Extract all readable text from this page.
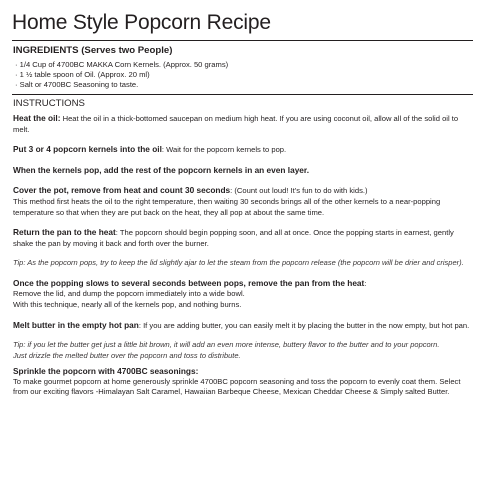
Home Style Popcorn Recipe
INGREDIENTS (Serves two People)
· 1/4 Cup of 4700BC MAKKA Corn Kernels. (Approx. 50 grams)
· 1 ½ table spoon of Oil. (Approx. 20 ml)
· Salt or 4700BC Seasoning to taste.
INSTRUCTIONS

Heat the oil: Heat the oil in a thick-bottomed saucepan on medium high heat. If you are using coconut oil, allow all of the solid oil to melt.

Put 3 or 4 popcorn kernels into the oil: Wait for the popcorn kernels to pop.

When the kernels pop, add the rest of the popcorn kernels in an even layer.

Cover the pot, remove from heat and count 30 seconds: (Count out loud! It's fun to do with kids.)
This method first heats the oil to the right temperature, then waiting 30 seconds brings all of the other kernels to a near-popping temperature so that when they are put back on the heat, they all pop at about the same time.

Return the pan to the heat: The popcorn should begin popping soon, and all at once. Once the popping starts in earnest, gently shake the pan by moving it back and forth over the burner.

Tip: As the popcorn pops, try to keep the lid slightly ajar to let the steam from the popcorn release (the popcorn will be drier and crisper).

Once the popping slows to several seconds between pops, remove the pan from the heat:
Remove the lid, and dump the popcorn immediately into a wide bowl.
With this technique, nearly all of the kernels pop, and nothing burns.

Melt butter in the empty hot pan: If you are adding butter, you can easily melt it by placing the butter in the now empty, but hot pan.

Tip: if you let the butter get just a little bit brown, it will add an even more intense, buttery flavor to the butter and to your popcorn.
Just drizzle the melted butter over the popcorn and toss to distribute.

Sprinkle the popcorn with 4700BC seasonings:
To make gourmet popcorn at home generously sprinkle 4700BC popcorn seasoning and toss the popcorn to evenly coat them. Select from our exciting flavors -Himalayan Salt Caramel, Hawaiian Barbeque Cheese, Mexican Cheddar Cheese & Simply salted Butter.
